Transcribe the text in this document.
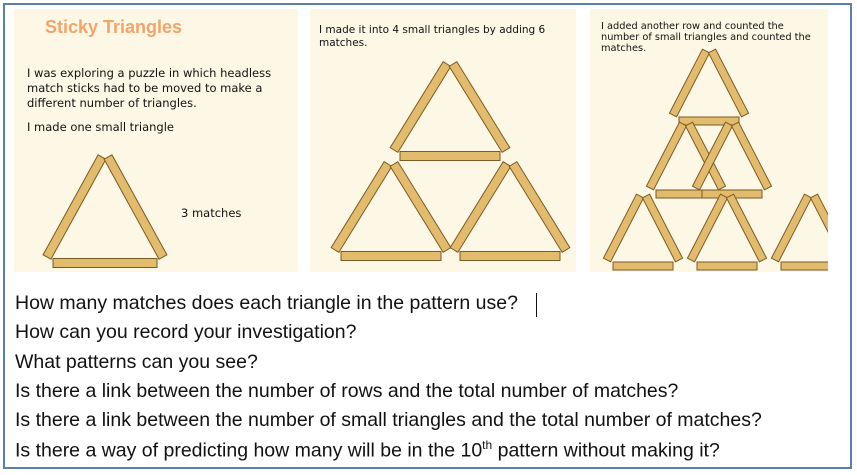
Sticky Triangles
I was exploring a puzzle in which headless match sticks had to be moved to make a different number of triangles.
I made one small triangle
3 matches
I made it into 4 small triangles by adding 6 matches.
I added another row and counted the number of small triangles and counted the matches.
How many matches does each triangle in the pattern use?
How can you record your investigation?
What patterns can you see?
Is there a link between the number of rows and the total number of matches?
Is there a link between the number of small triangles and the total number of matches?
Is there a way of predicting how many will be in the 10th pattern without making it?
